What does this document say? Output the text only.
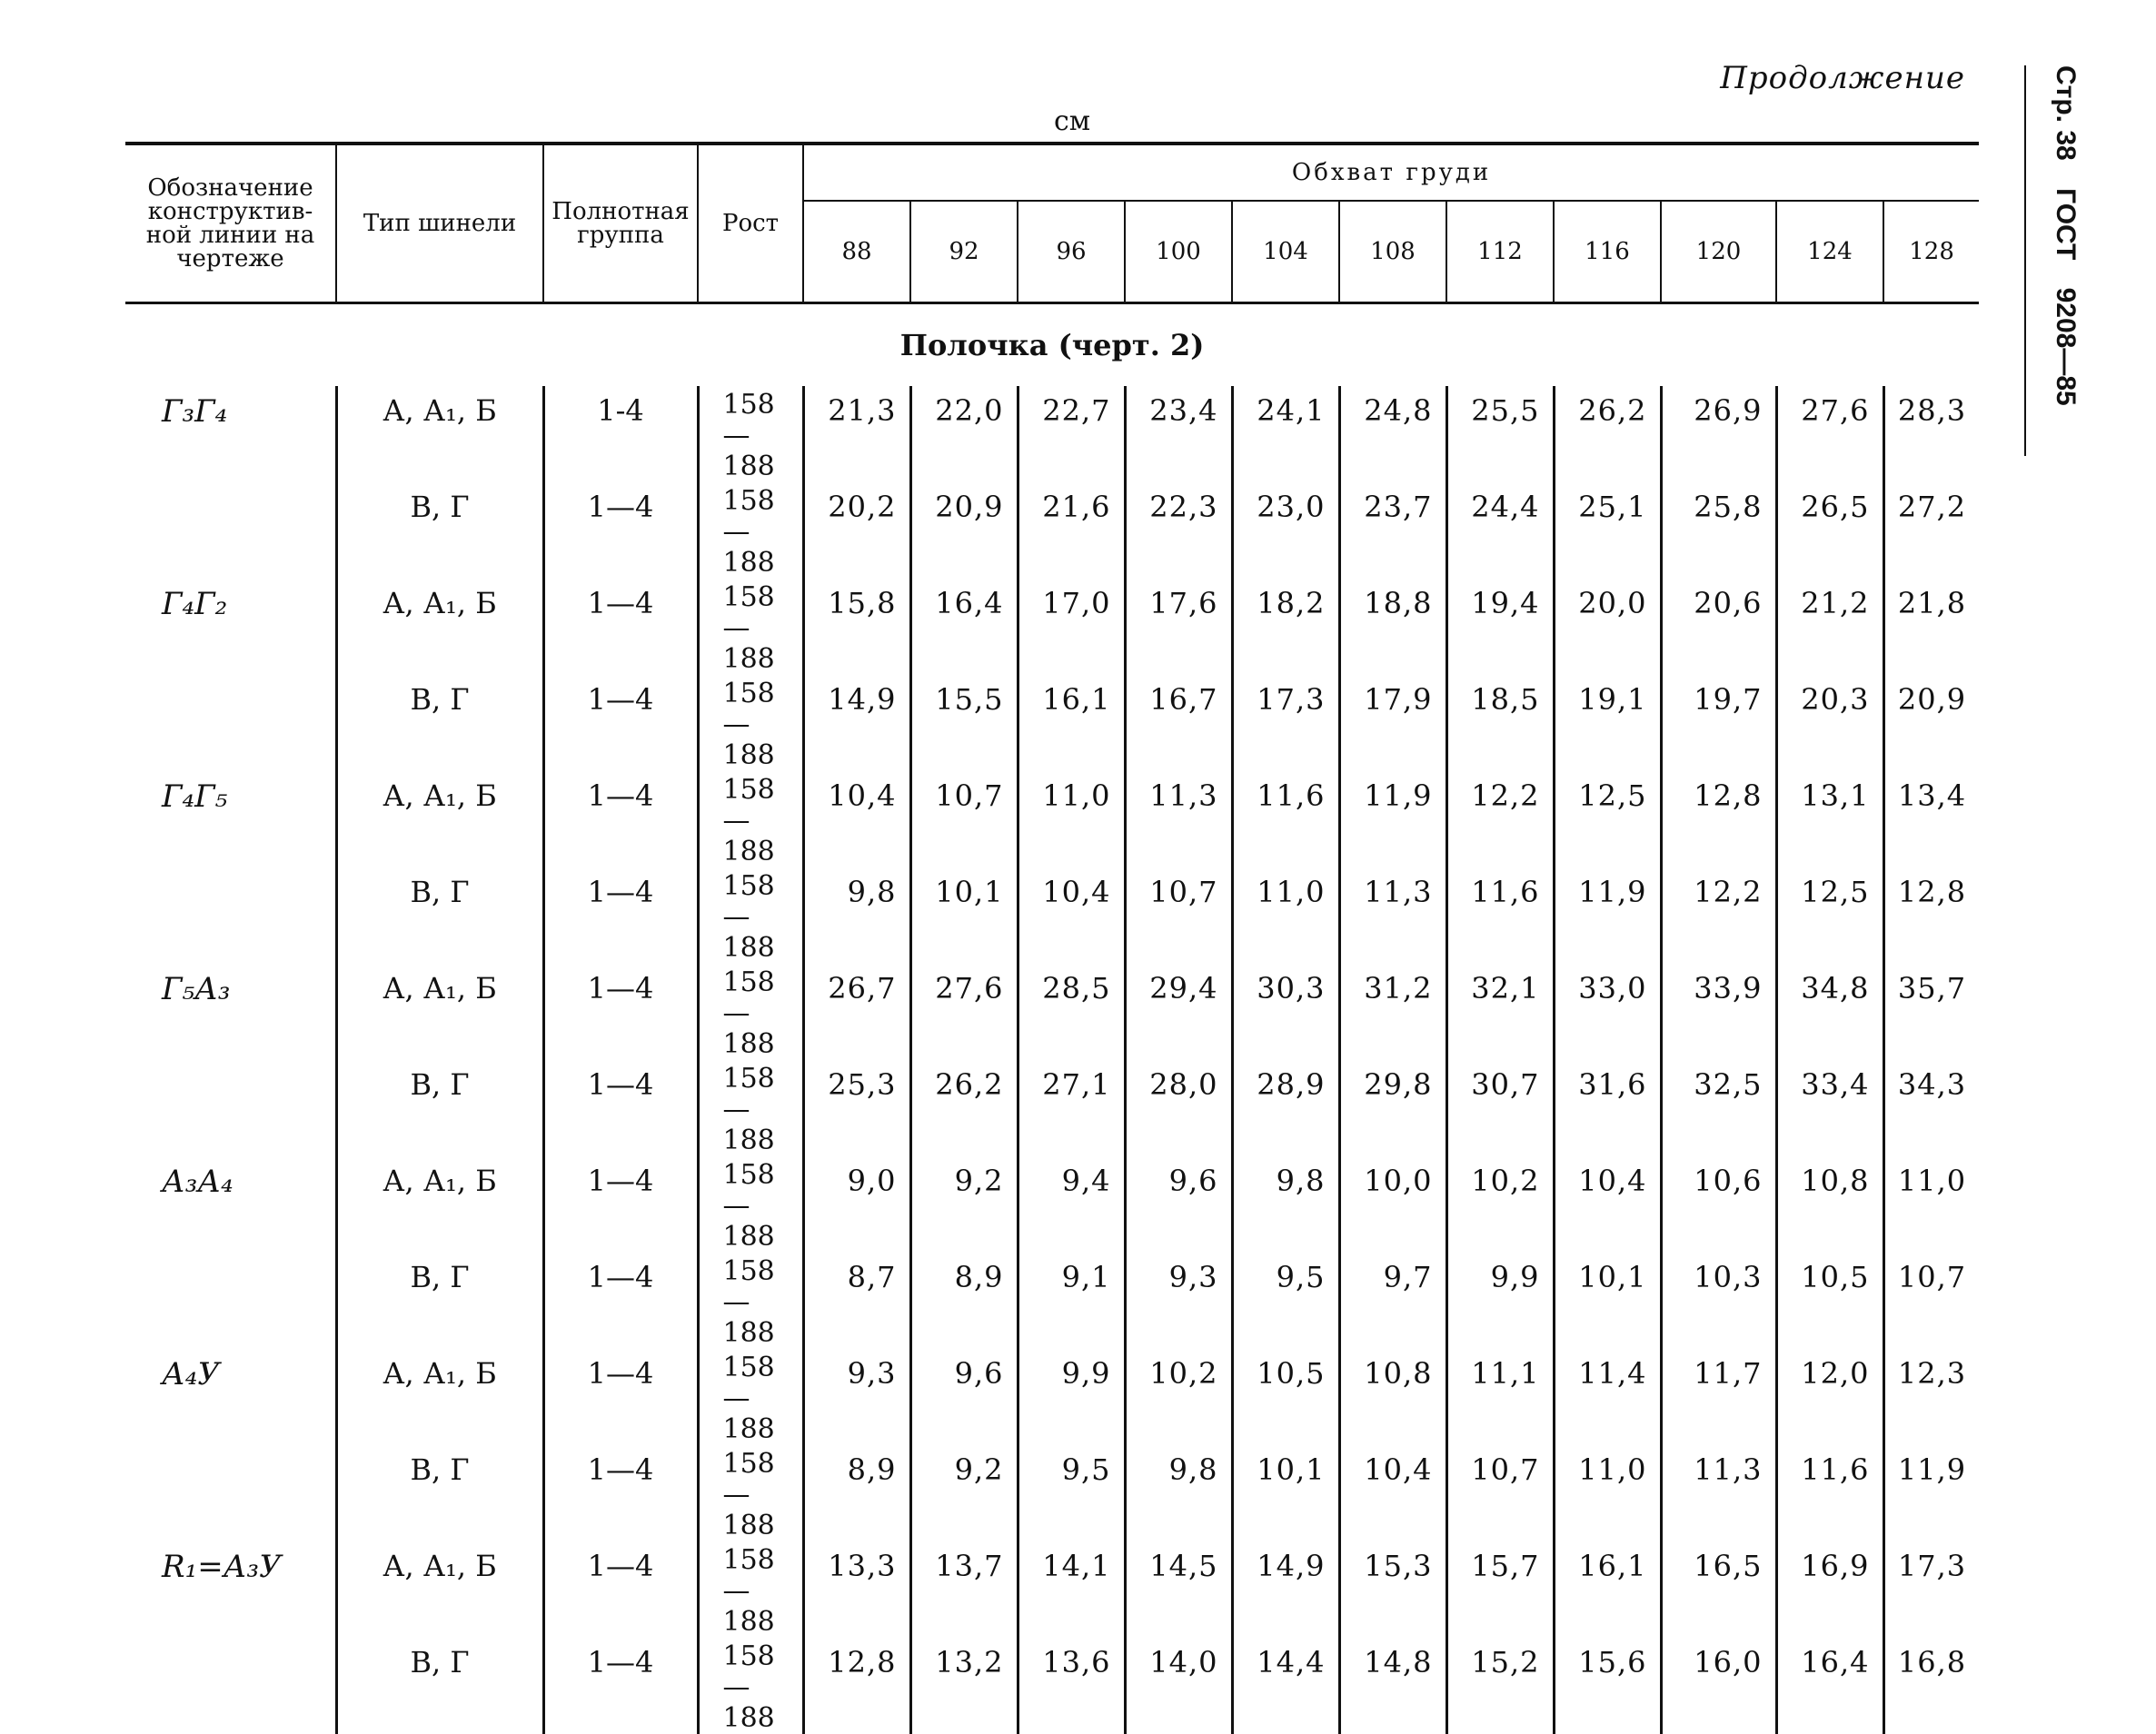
Продолжение
см	Стр. 38 ГОСТ 9208—85
Обозначение конструктив-ной линии на чертеже	Тип шинели	Полнотная группа	Рост	Обхват груди										
				88	92	96	100	104	108	112	116	120	124	128
Полочка (черт. 2)														
Г₃Г₄	А, А₁, Б	1-4	158—188	21,3	22,0	22,7	23,4	24,1	24,8	25,5	26,2	26,9	27,6	28,3
	В, Г	1—4	158—188	20,2	20,9	21,6	22,3	23,0	23,7	24,4	25,1	25,8	26,5	27,2
Г₄Г₂	А, А₁, Б	1—4	158—188	15,8	16,4	17,0	17,6	18,2	18,8	19,4	20,0	20,6	21,2	21,8
	В, Г	1—4	158—188	14,9	15,5	16,1	16,7	17,3	17,9	18,5	19,1	19,7	20,3	20,9
Г₄Г₅	А, А₁, Б	1—4	158—188	10,4	10,7	11,0	11,3	11,6	11,9	12,2	12,5	12,8	13,1	13,4
	В, Г	1—4	158—188	9,8	10,1	10,4	10,7	11,0	11,3	11,6	11,9	12,2	12,5	12,8
Г₅А₃	А, А₁, Б	1—4	158—188	26,7	27,6	28,5	29,4	30,3	31,2	32,1	33,0	33,9	34,8	35,7
	В, Г	1—4	158—188	25,3	26,2	27,1	28,0	28,9	29,8	30,7	31,6	32,5	33,4	34,3
А₃А₄	А, А₁, Б	1—4	158—188	9,0	9,2	9,4	9,6	9,8	10,0	10,2	10,4	10,6	10,8	11,0
	В, Г	1—4	158—188	8,7	8,9	9,1	9,3	9,5	9,7	9,9	10,1	10,3	10,5	10,7
А₄У	А, А₁, Б	1—4	158—188	9,3	9,6	9,9	10,2	10,5	10,8	11,1	11,4	11,7	12,0	12,3
	В, Г	1—4	158—188	8,9	9,2	9,5	9,8	10,1	10,4	10,7	11,0	11,3	11,6	11,9
R₁=А₃У	А, А₁, Б	1—4	158—188	13,3	13,7	14,1	14,5	14,9	15,3	15,7	16,1	16,5	16,9	17,3
	В, Г	1—4	158—188	12,8	13,2	13,6	14,0	14,4	14,8	15,2	15,6	16,0	16,4	16,8
